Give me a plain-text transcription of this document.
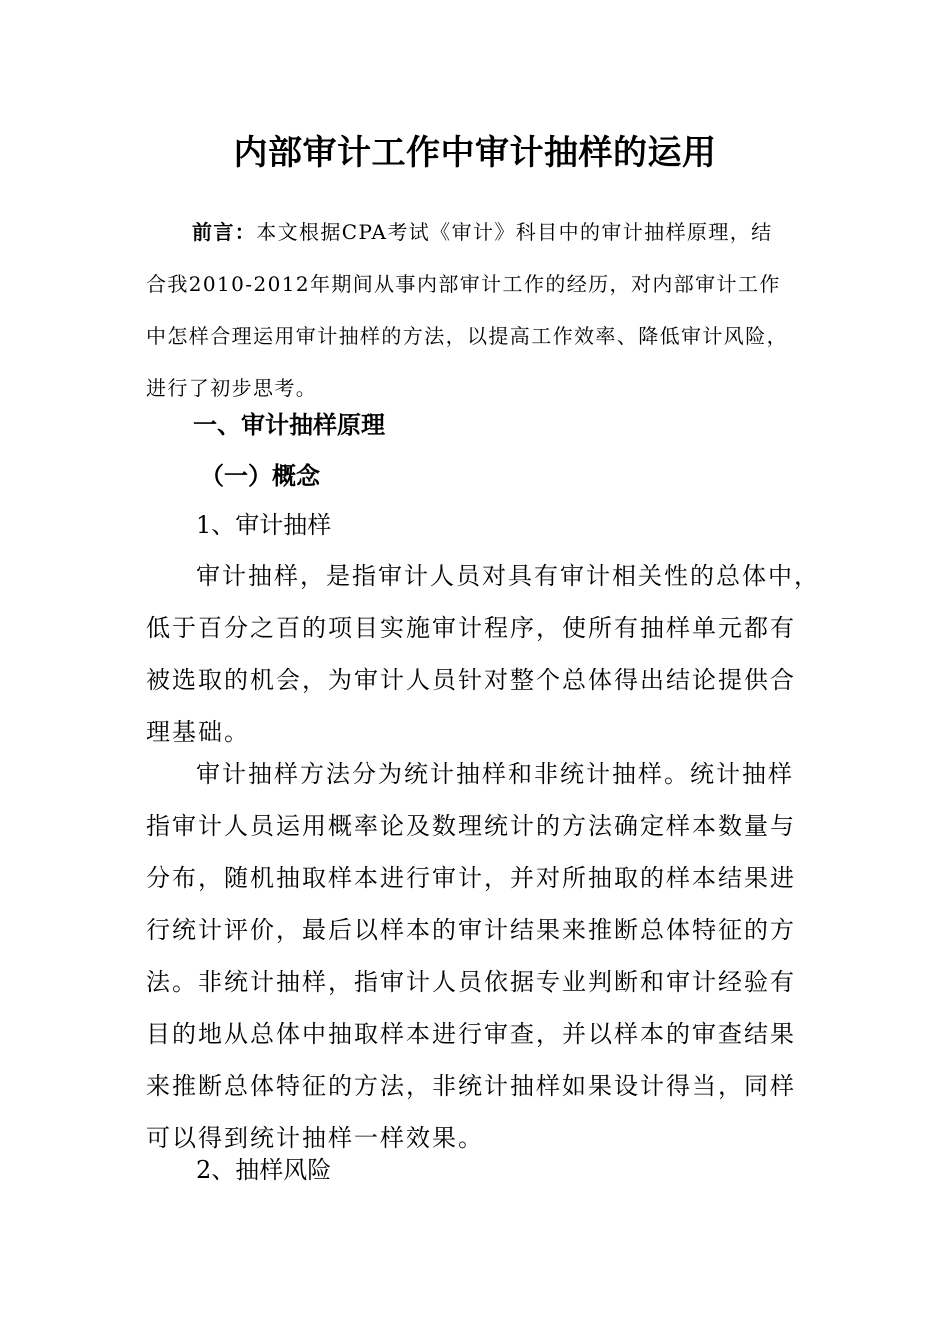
内部审计工作中审计抽样的运用
前言：本文根据CPA考试《审计》科目中的审计抽样原理，结
合我2010-2012年期间从事内部审计工作的经历，对内部审计工作
中怎样合理运用审计抽样的方法，以提高工作效率、降低审计风险，
进行了初步思考。
一、审计抽样原理
（一）概念
1、审计抽样
审计抽样，是指审计人员对具有审计相关性的总体中，
低于百分之百的项目实施审计程序，使所有抽样单元都有
被选取的机会，为审计人员针对整个总体得出结论提供合
理基础。
审计抽样方法分为统计抽样和非统计抽样。统计抽样
指审计人员运用概率论及数理统计的方法确定样本数量与
分布，随机抽取样本进行审计，并对所抽取的样本结果进
行统计评价，最后以样本的审计结果来推断总体特征的方
法。非统计抽样，指审计人员依据专业判断和审计经验有
目的地从总体中抽取样本进行审查，并以样本的审查结果
来推断总体特征的方法，非统计抽样如果设计得当，同样
可以得到统计抽样一样效果。
2、抽样风险
